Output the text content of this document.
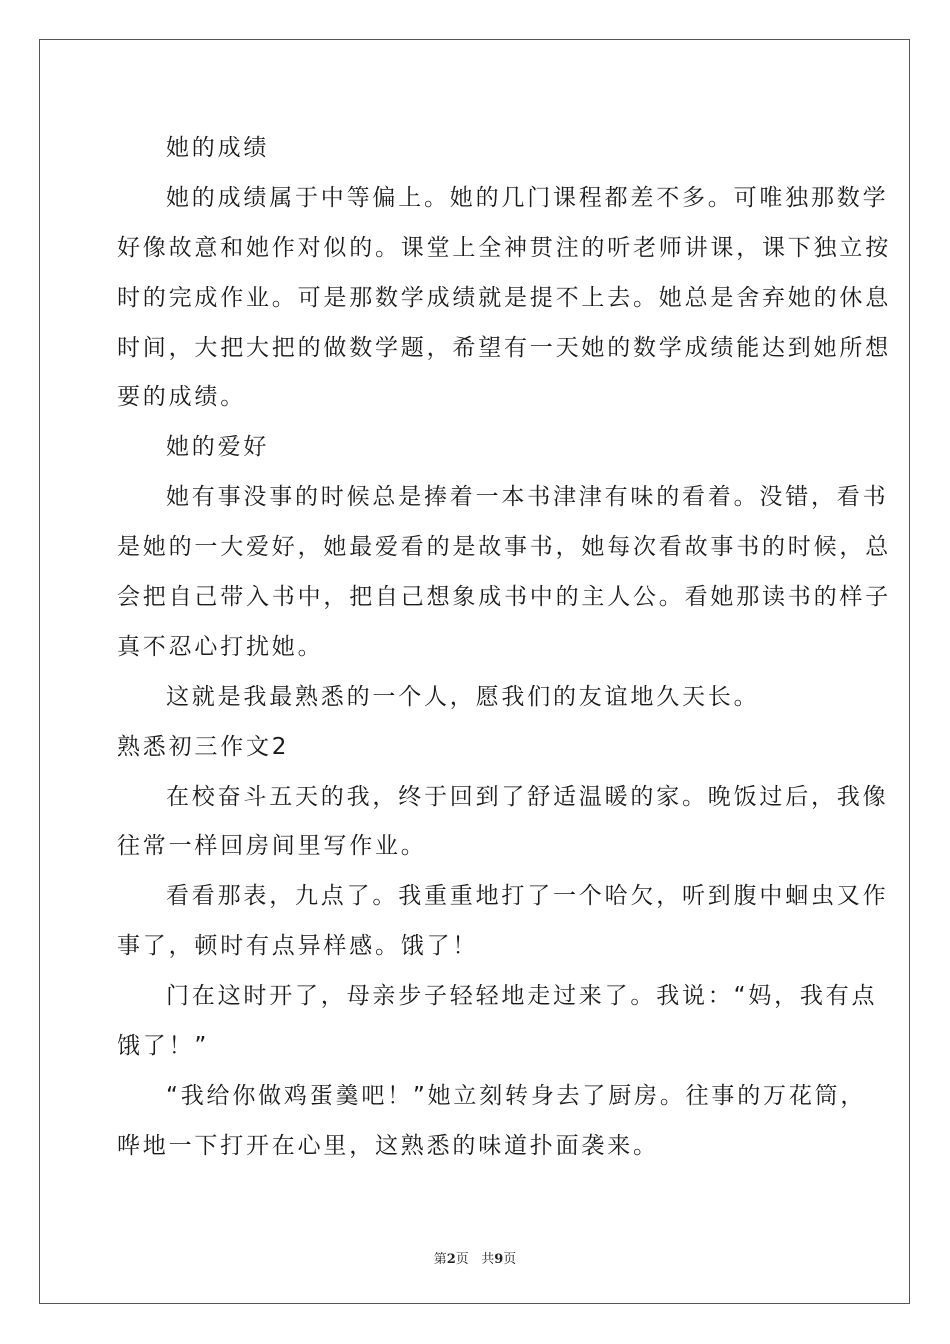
她的成绩
她的成绩属于中等偏上。她的几门课程都差不多。可唯独那数学
好像故意和她作对似的。课堂上全神贯注的听老师讲课，课下独立按
时的完成作业。可是那数学成绩就是提不上去。她总是舍弃她的休息
时间，大把大把的做数学题，希望有一天她的数学成绩能达到她所想
要的成绩。
她的爱好
她有事没事的时候总是捧着一本书津津有味的看着。没错，看书
是她的一大爱好，她最爱看的是故事书，她每次看故事书的时候，总
会把自己带入书中，把自己想象成书中的主人公。看她那读书的样子
真不忍心打扰她。
这就是我最熟悉的一个人，愿我们的友谊地久天长。
熟悉初三作文2
在校奋斗五天的我，终于回到了舒适温暖的家。晚饭过后，我像
往常一样回房间里写作业。
看看那表，九点了。我重重地打了一个哈欠，听到腹中蛔虫又作
事了，顿时有点异样感。饿了！
门在这时开了，母亲步子轻轻地走过来了。我说：“妈，我有点
饿了！”
“我给你做鸡蛋羹吧！”她立刻转身去了厨房。往事的万花筒，
哗地一下打开在心里，这熟悉的味道扑面袭来。
第2页 共9页
